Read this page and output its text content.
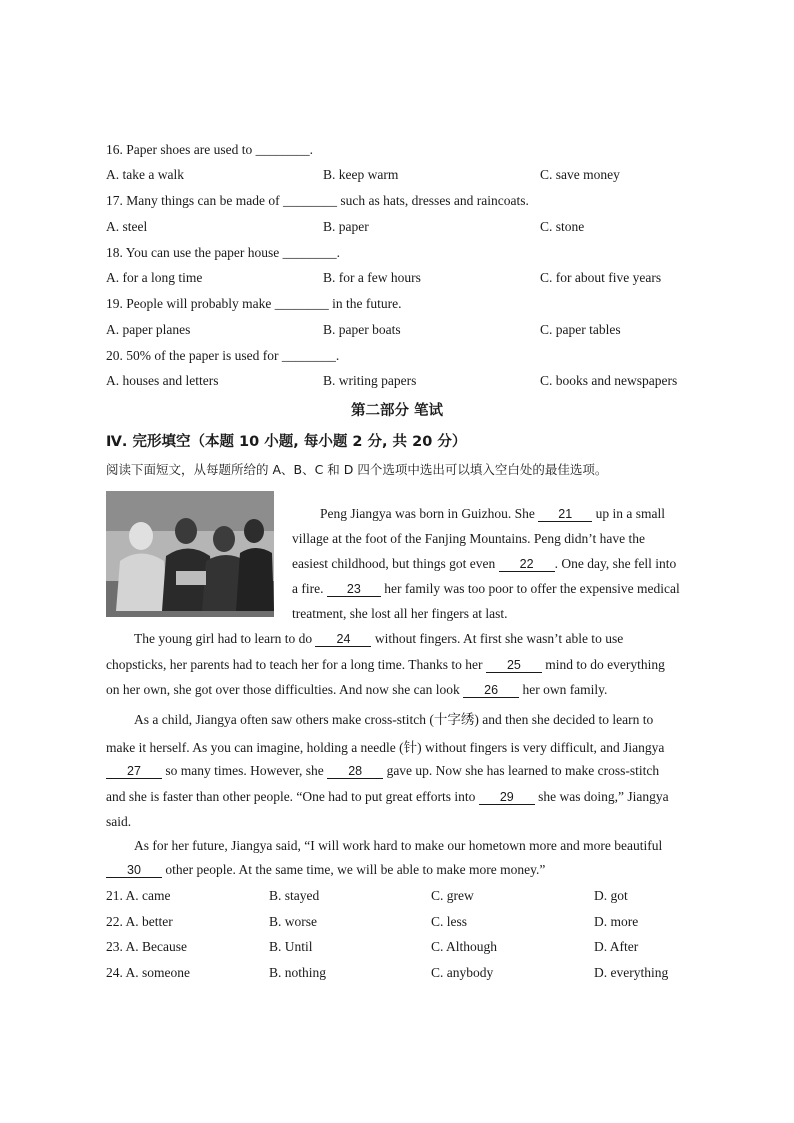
16. Paper shoes are used to ________.
A. take a walk	B. keep warm	C. save money
17. Many things can be made of ________ such as hats, dresses and raincoats.
A. steel	B. paper	C. stone
18. You can use the paper house ________.
A. for a long time	B. for a few hours	C. for about five years
19. People will probably make ________ in the future.
A. paper planes	B. paper boats	C. paper tables
20. 50% of the paper is used for ________.
A. houses and letters	B. writing papers	C. books and newspapers
第二部分 笔试
Ⅳ. 完形填空（本题 10 小题, 每小题 2 分, 共 20 分）
阅读下面短文，从每题所给的 A、B、C 和 D 四个选项中选出可以填入空白处的最佳选项。
Peng Jiangya was born in Guizhou. She 21 up in a small
village at the foot of the Fanjing Mountains. Peng didn’t have the
easiest childhood, but things got even 22 . One day, she fell into
a fire. 23 her family was too poor to offer the expensive medical
treatment, she lost all her fingers at last.
The young girl had to learn to do 24 without fingers. At first she wasn’t able to use
chopsticks, her parents had to teach her for a long time. Thanks to her 25 mind to do everything
on her own, she got over those difficulties. And now she can look 26 her own family.
As a child, Jiangya often saw others make cross-stitch (十字绣) and then she decided to learn to
make it herself. As you can imagine, holding a needle (针) without fingers is very difficult, and Jiangya
27 so many times. However, she 28 gave up. Now she has learned to make cross-stitch
and she is faster than other people. “One had to put great efforts into 29 she was doing,” Jiangya
said.
As for her future, Jiangya said, “I will work hard to make our hometown more and more beautiful
30 other people. At the same time, we will be able to make more money.”
21. A. came	B. stayed	C. grew	D. got
22. A. better	B. worse	C. less	D. more
23. A. Because	B. Until	C. Although	D. After
24. A. someone	B. nothing	C. anybody	D. everything
